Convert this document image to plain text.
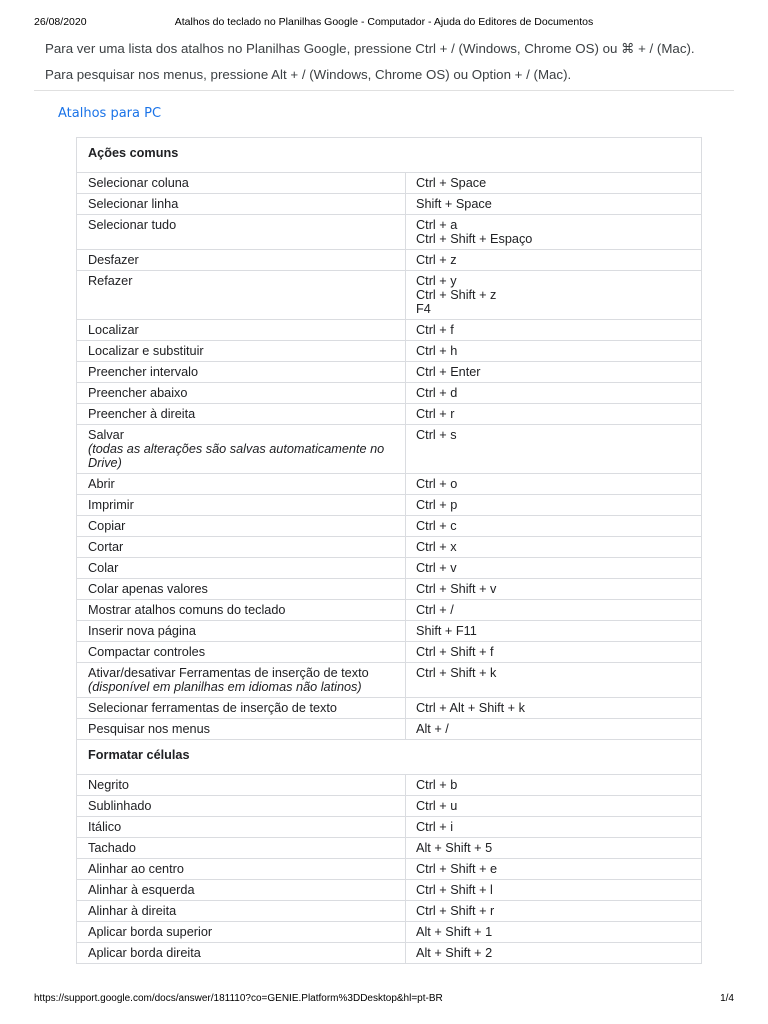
26/08/2020	Atalhos do teclado no Planilhas Google - Computador - Ajuda do Editores de Documentos

Para ver uma lista dos atalhos no Planilhas Google, pressione Ctrl + / (Windows, Chrome OS) ou ⌘ + / (Mac).

Para pesquisar nos menus, pressione Alt + / (Windows, Chrome OS) ou Option + / (Mac).

Atalhos para PC
Ações comuns	

Selecionar coluna	Ctrl + Space

Selecionar linha	Shift + Space

Selecionar tudo	Ctrl + a
Ctrl + Shift + Espaço

Desfazer	Ctrl + z

Refazer	Ctrl + y
Ctrl + Shift + z
F4

Localizar	Ctrl + f

Localizar e substituir	Ctrl + h

Preencher intervalo	Ctrl + Enter

Preencher abaixo	Ctrl + d

Preencher à direita	Ctrl + r

Salvar
(todas as alterações são salvas automaticamente no Drive)	Ctrl + s

Abrir	Ctrl + o

Imprimir	Ctrl + p

Copiar	Ctrl + c

Cortar	Ctrl + x

Colar	Ctrl + v

Colar apenas valores	Ctrl + Shift + v

Mostrar atalhos comuns do teclado	Ctrl + /

Inserir nova página	Shift + F11

Compactar controles	Ctrl + Shift + f

Ativar/desativar Ferramentas de inserção de texto
(disponível em planilhas em idiomas não latinos)	Ctrl + Shift + k

Selecionar ferramentas de inserção de texto	Ctrl + Alt + Shift + k

Pesquisar nos menus	Alt + /

Formatar células	

Negrito	Ctrl + b

Sublinhado	Ctrl + u

Itálico	Ctrl + i

Tachado	Alt + Shift + 5

Alinhar ao centro	Ctrl + Shift + e

Alinhar à esquerda	Ctrl + Shift + l

Alinhar à direita	Ctrl + Shift + r

Aplicar borda superior	Alt + Shift + 1

Aplicar borda direita	Alt + Shift + 2
https://support.google.com/docs/answer/181110?co=GENIE.Platform%3DDesktop&hl=pt-BR	1/4
